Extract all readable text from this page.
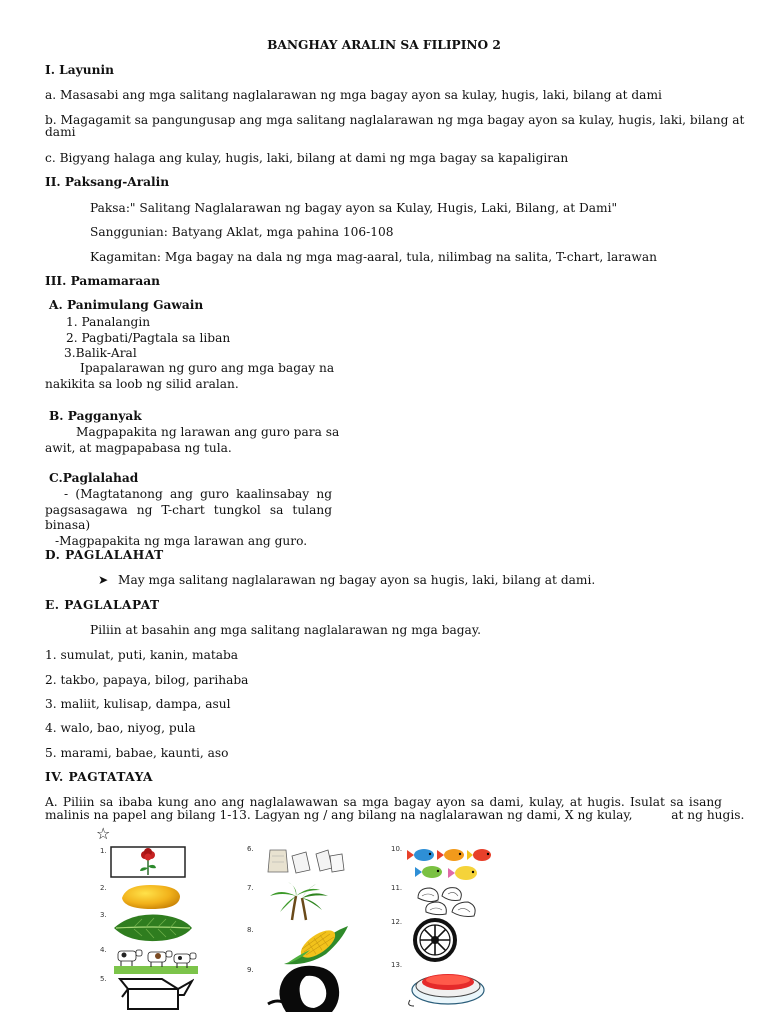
BANGHAY ARALIN SA FILIPINO 2
I. Layunin
a. Masasabi ang mga salitang naglalarawan ng mga bagay ayon sa kulay, hugis, laki, bilang at dami
b. Magagamit sa pangungusap ang mga salitang naglalarawan ng mga bagay ayon sa kulay, hugis, laki, bilang at
dami
c. Bigyang halaga ang kulay, hugis, laki, bilang at dami ng mga bagay sa kapaligiran
II. Paksang-Aralin
Paksa:" Salitang Naglalarawan ng bagay ayon sa Kulay, Hugis, Laki, Bilang, at Dami"
Sanggunian: Batyang Aklat, mga pahina 106-108
Kagamitan: Mga bagay na dala ng mga mag-aaral, tula, nilimbag na salita, T-chart, larawan
III. Pamamaraan
A. Panimulang Gawain
1. Panalangin
2. Pagbati/Pagtala sa liban
3.Balik-Aral
Ipapalarawan ng guro ang mga bagay na
nakikita sa loob ng silid aralan.
B. Pagganyak
Magpapakita ng larawan ang guro para sa
awit, at magpapabasa ng tula.
C.Paglalahad
- (Magtatanong ang guro kaalinsabay ng
pagsasagawa ng T-chart tungkol sa tulang
binasa)
-Magpapakita ng mga larawan ang guro.
D. PAGLALAHAT
➤ May mga salitang naglalarawan ng bagay ayon sa hugis, laki, bilang at dami.
E. PAGLALAPAT
Piliin at basahin ang mga salitang naglalarawan ng mga bagay.
1. sumulat, puti, kanin, mataba
2. takbo, papaya, bilog, parihaba
3. maliit, kulisap, dampa, asul
4. walo, bao, niyog, pula
5. marami, babae, kaunti, aso
IV. PAGTATAYA
A. Piliin sa ibaba kung ano ang naglalawawan sa mga bagay ayon sa dami, kulay, at hugis. Isulat sa isang
malinis na papel ang bilang 1-13. Lagyan ng / ang bilang na naglalarawan ng dami, X ng kulay,          at ng hugis.
☆
1.
2.
3.
4.
5.
6.
7.
8.
9.
10.
11.
12.
13.
